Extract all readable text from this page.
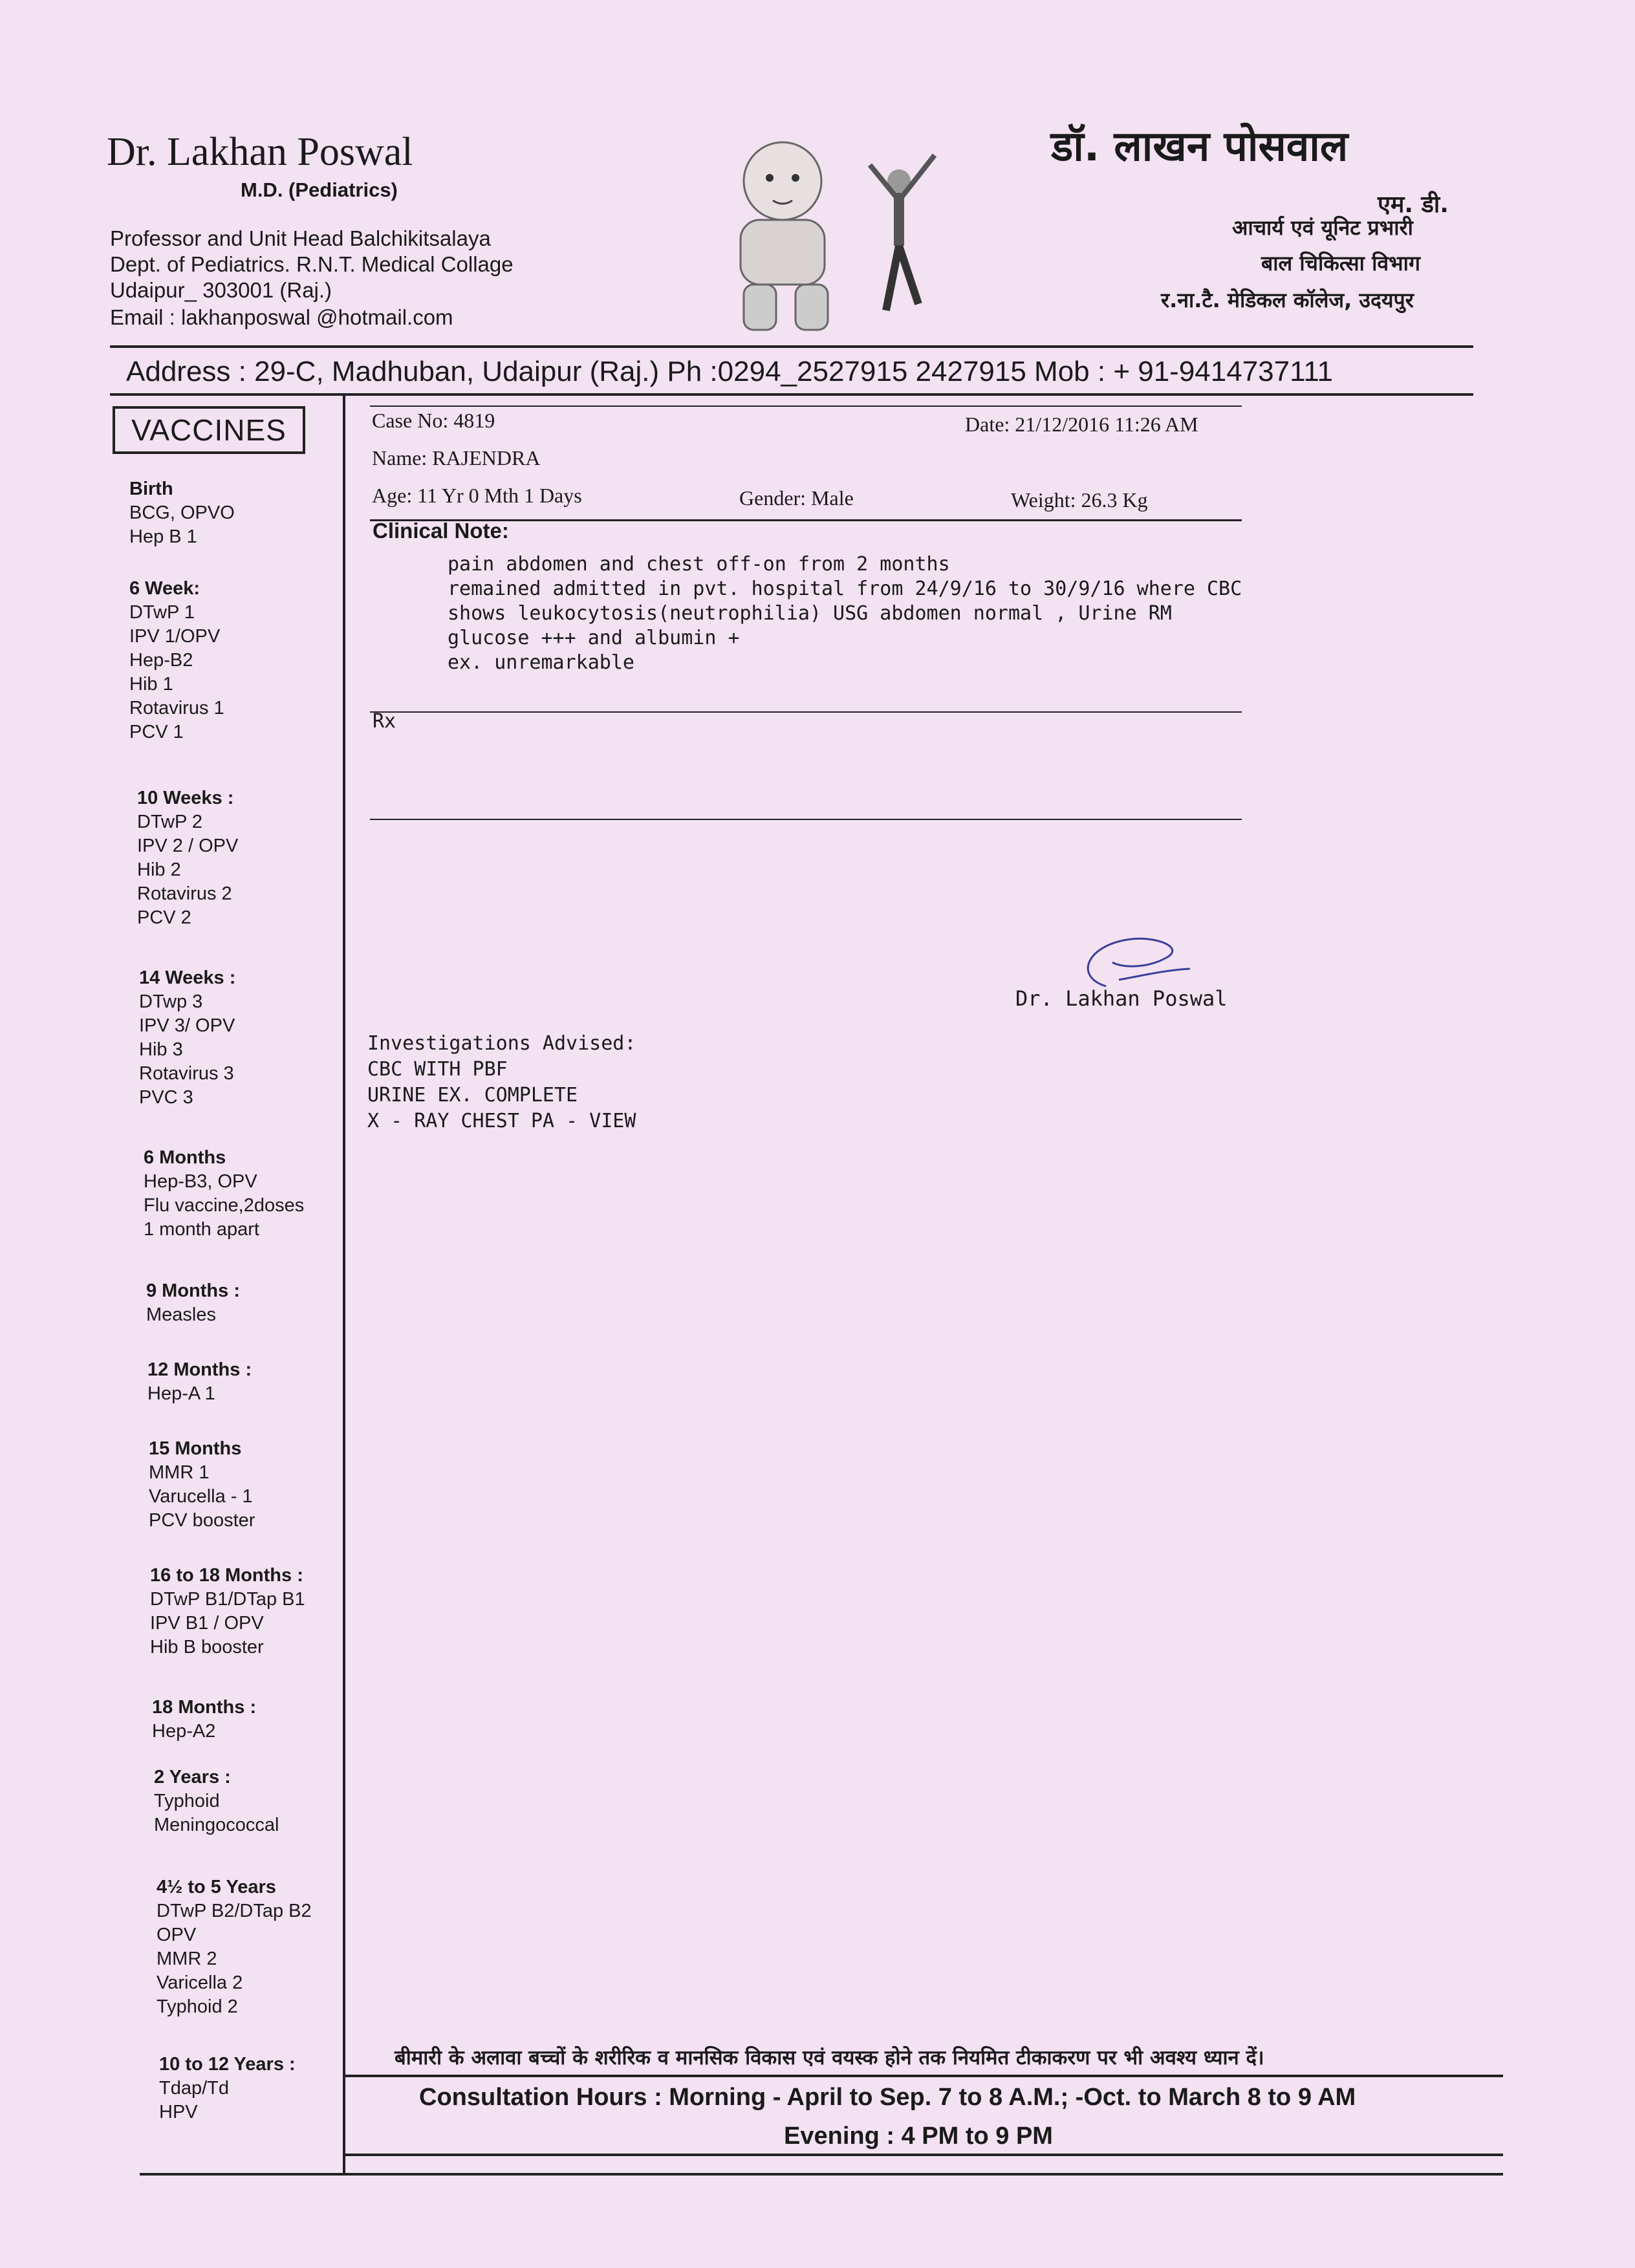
Dr. Lakhan Poswal
M.D. (Pediatrics)
Professor and Unit Head Balchikitsalaya
Dept. of Pediatrics. R.N.T. Medical Collage
Udaipur_ 303001 (Raj.)
Email : lakhanposwal @hotmail.com
डॉ. लाखन पोसवाल
एम. डी.
आचार्य एवं यूनिट प्रभारी
बाल चिकित्सा विभाग
र.ना.टै. मेडिकल कॉलेज, उदयपुर
Address : 29-C, Madhuban, Udaipur (Raj.) Ph :0294_2527915 2427915 Mob : + 91-9414737111
VACCINES
Birth
BCG, OPVO
Hep B 1
6 Week:
DTwP 1
IPV 1/OPV
Hep-B2
Hib 1
Rotavirus 1
PCV 1
10 Weeks :
DTwP 2
IPV 2 / OPV
Hib 2
Rotavirus 2
PCV 2
14 Weeks :
DTwp 3
IPV 3/ OPV
Hib 3
Rotavirus 3
PVC 3
6 Months
Hep-B3, OPV
Flu vaccine,2doses
1 month apart
9 Months :
Measles
12 Months :
Hep-A 1
15 Months
MMR 1
Varucella - 1
PCV booster
16 to 18 Months :
DTwP B1/DTap B1
IPV B1 / OPV
Hib B booster
18 Months :
Hep-A2
2 Years :
Typhoid
Meningococcal
4½ to 5 Years
DTwP B2/DTap B2
OPV
MMR 2
Varicella 2
Typhoid 2
10 to 12 Years :
Tdap/Td
HPV
Case No: 4819	Date: 21/12/2016 11:26 AM
Name: RAJENDRA
Age: 11 Yr 0 Mth 1 Days	Gender: Male	Weight: 26.3 Kg
Clinical Note:
pain abdomen and chest off-on from 2 months
remained admitted in pvt. hospital from 24/9/16 to 30/9/16 where CBC
shows leukocytosis(neutrophilia) USG abdomen normal , Urine RM
glucose +++ and albumin +
ex. unremarkable
Rx
Dr. Lakhan Poswal
Investigations Advised:
CBC WITH PBF
URINE EX. COMPLETE
X - RAY CHEST PA - VIEW
बीमारी के अलावा बच्चों के शरीरिक व मानसिक विकास एवं वयस्क होने तक नियमित टीकाकरण पर भी अवश्य ध्यान दें।
Consultation Hours : Morning - April to Sep. 7 to 8 A.M.; -Oct. to March 8 to 9 AM
Evening : 4 PM to 9 PM
